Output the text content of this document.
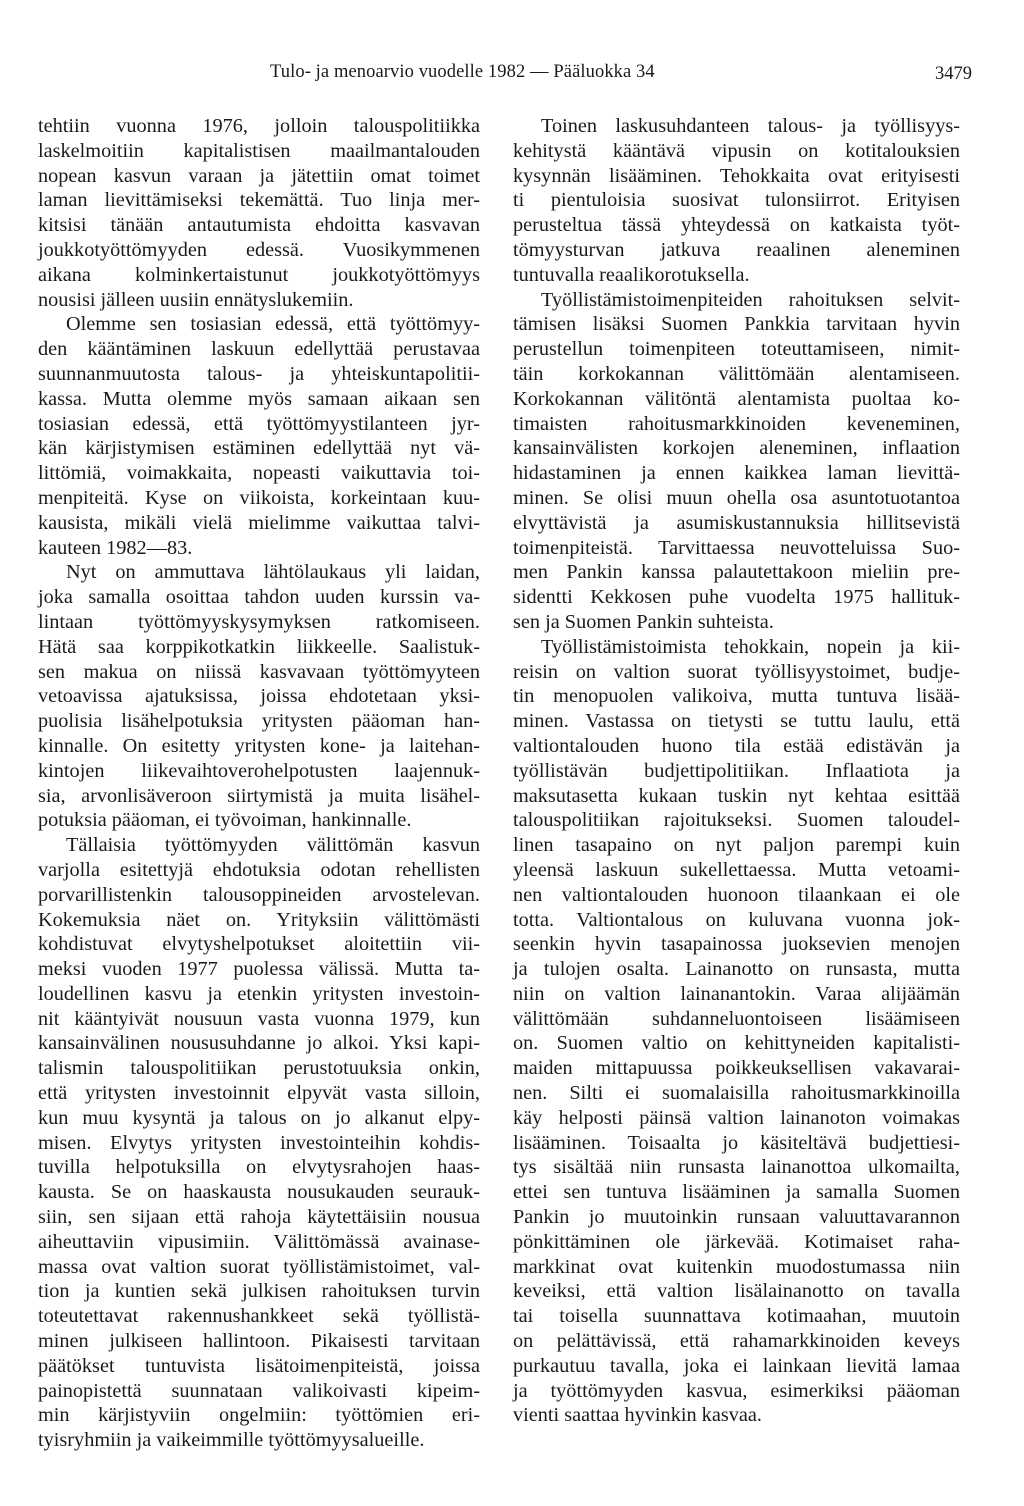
Tulo- ja menoarvio vuodelle 1982 — Pääluokka 34	3479
tehtiin vuonna 1976, jolloin talouspolitiikka
laskelmoitiin kapitalistisen maailmantalouden
nopean kasvun varaan ja jätettiin omat toimet
laman lievittämiseksi tekemättä. Tuo linja mer-
kitsisi tänään antautumista ehdoitta kasvavan
joukkotyöttömyyden edessä. Vuosikymmenen
aikana kolminkertaistunut joukkotyöttömyys
nousisi jälleen uusiin ennätyslukemiin.
Olemme sen tosiasian edessä, että työttömyy-
den kääntäminen laskuun edellyttää perustavaa
suunnanmuutosta talous- ja yhteiskuntapolitii-
kassa. Mutta olemme myös samaan aikaan sen
tosiasian edessä, että työttömyystilanteen jyr-
kän kärjistymisen estäminen edellyttää nyt vä-
littömiä, voimakkaita, nopeasti vaikuttavia toi-
menpiteitä. Kyse on viikoista, korkeintaan kuu-
kausista, mikäli vielä mielimme vaikuttaa talvi-
kauteen 1982—83.
Nyt on ammuttava lähtölaukaus yli laidan,
joka samalla osoittaa tahdon uuden kurssin va-
lintaan työttömyyskysymyksen ratkomiseen.
Hätä saa korppikotkatkin liikkeelle. Saalistuk-
sen makua on niissä kasvavaan työttömyyteen
vetoavissa ajatuksissa, joissa ehdotetaan yksi-
puolisia lisähelpotuksia yritysten pääoman han-
kinnalle. On esitetty yritysten kone- ja laitehan-
kintojen liikevaihtoverohelpotusten laajennuk-
sia, arvonlisäveroon siirtymistä ja muita lisähel-
potuksia pääoman, ei työvoiman, hankinnalle.
Tällaisia työttömyyden välittömän kasvun
varjolla esitettyjä ehdotuksia odotan rehellisten
porvarillistenkin talousoppineiden arvostelevan.
Kokemuksia näet on. Yrityksiin välittömästi
kohdistuvat elvytyshelpotukset aloitettiin vii-
meksi vuoden 1977 puolessa välissä. Mutta ta-
loudellinen kasvu ja etenkin yritysten investoin-
nit kääntyivät nousuun vasta vuonna 1979, kun
kansainvälinen noususuhdanne jo alkoi. Yksi kapi-
talismin talouspolitiikan perustotuuksia onkin,
että yritysten investoinnit elpyvät vasta silloin,
kun muu kysyntä ja talous on jo alkanut elpy-
misen. Elvytys yritysten investointeihin kohdis-
tuvilla helpotuksilla on elvytysrahojen haas-
kausta. Se on haaskausta nousukauden seurauk-
siin, sen sijaan että rahoja käytettäisiin nousua
aiheuttaviin vipusimiin. Välittömässä avainase-
massa ovat valtion suorat työllistämistoimet, val-
tion ja kuntien sekä julkisen rahoituksen turvin
toteutettavat rakennushankkeet sekä työllistä-
minen julkiseen hallintoon. Pikaisesti tarvitaan
päätökset tuntuvista lisätoimenpiteistä, joissa
painopistettä suunnataan valikoivasti kipeim-
min kärjistyviin ongelmiin: työttömien eri-
tyisryhmiin ja vaikeimmille työttömyysalueille.
Toinen laskusuhdanteen talous- ja työllisyys-
kehitystä kääntävä vipusin on kotitalouksien
kysynnän lisääminen. Tehokkaita ovat erityisesti
ti pientuloisia suosivat tulonsiirrot. Erityisen
perusteltua tässä yhteydessä on katkaista työt-
tömyysturvan jatkuva reaalinen aleneminen
tuntuvalla reaalikorotuksella.
Työllistämistoimenpiteiden rahoituksen selvit-
tämisen lisäksi Suomen Pankkia tarvitaan hyvin
perustellun toimenpiteen toteuttamiseen, nimit-
täin korkokannan välittömään alentamiseen.
Korkokannan välitöntä alentamista puoltaa ko-
timaisten rahoitusmarkkinoiden keveneminen,
kansainvälisten korkojen aleneminen, inflaation
hidastaminen ja ennen kaikkea laman lievittä-
minen. Se olisi muun ohella osa asuntotuotantoa
elvyttävistä ja asumiskustannuksia hillitsevistä
toimenpiteistä. Tarvittaessa neuvotteluissa Suo-
men Pankin kanssa palautettakoon mieliin pre-
sidentti Kekkosen puhe vuodelta 1975 hallituk-
sen ja Suomen Pankin suhteista.
Työllistämistoimista tehokkain, nopein ja kii-
reisin on valtion suorat työllisyystoimet, budje-
tin menopuolen valikoiva, mutta tuntuva lisää-
minen. Vastassa on tietysti se tuttu laulu, että
valtiontalouden huono tila estää edistävän ja
työllistävän budjettipolitiikan. Inflaatiota ja
maksutasetta kukaan tuskin nyt kehtaa esittää
talouspolitiikan rajoitukseksi. Suomen taloudel-
linen tasapaino on nyt paljon parempi kuin
yleensä laskuun sukellettaessa. Mutta vetoami-
nen valtiontalouden huonoon tilaankaan ei ole
totta. Valtiontalous on kuluvana vuonna jok-
seenkin hyvin tasapainossa juoksevien menojen
ja tulojen osalta. Lainanotto on runsasta, mutta
niin on valtion lainanantokin. Varaa alijäämän
välittömään suhdanneluontoiseen lisäämiseen
on. Suomen valtio on kehittyneiden kapitalisti-
maiden mittapuussa poikkeuksellisen vakavarai-
nen. Silti ei suomalaisilla rahoitusmarkkinoilla
käy helposti päinsä valtion lainanoton voimakas
lisääminen. Toisaalta jo käsiteltävä budjettiesi-
tys sisältää niin runsasta lainanottoa ulkomailta,
ettei sen tuntuva lisääminen ja samalla Suomen
Pankin jo muutoinkin runsaan valuuttavarannon
pönkittäminen ole järkevää. Kotimaiset raha-
markkinat ovat kuitenkin muodostumassa niin
keveiksi, että valtion lisälainanotto on tavalla
tai toisella suunnattava kotimaahan, muutoin
on pelättävissä, että rahamarkkinoiden keveys
purkautuu tavalla, joka ei lainkaan lievitä lamaa
ja työttömyyden kasvua, esimerkiksi pääoman
vienti saattaa hyvinkin kasvaa.
